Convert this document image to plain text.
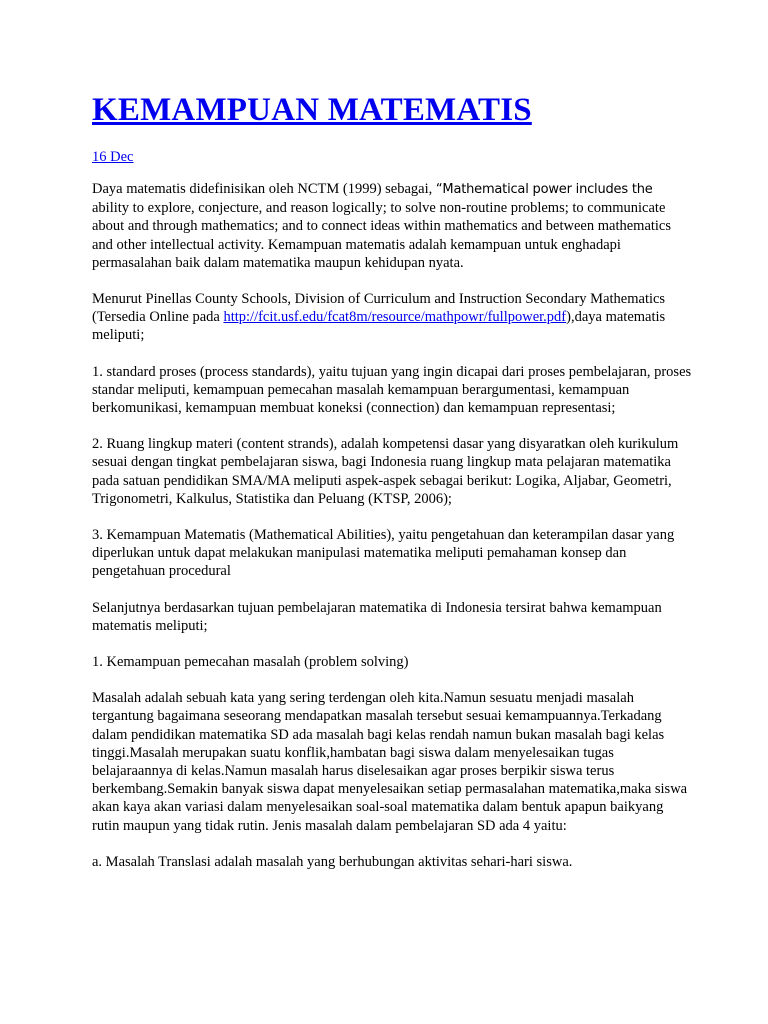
KEMAMPUAN MATEMATIS
16 Dec

Daya matematis didefinisikan oleh NCTM (1999) sebagai, “Mathematical power includes the ability to explore, conjecture, and reason logically; to solve non-routine problems; to communicate about and through mathematics; and to connect ideas within mathematics and between mathematics and other intellectual activity. Kemampuan matematis adalah kemampuan untuk enghadapi permasalahan baik dalam matematika maupun kehidupan nyata.

Menurut Pinellas County Schools, Division of Curriculum and Instruction Secondary Mathematics (Tersedia Online pada http://fcit.usf.edu/fcat8m/resource/mathpowr/fullpower.pdf),daya matematis meliputi;

1. standard proses (process standards), yaitu tujuan yang ingin dicapai dari proses pembelajaran, proses standar meliputi, kemampuan pemecahan masalah kemampuan berargumentasi, kemampuan berkomunikasi, kemampuan membuat koneksi (connection) dan kemampuan representasi;

2. Ruang lingkup materi (content strands), adalah kompetensi dasar yang disyaratkan oleh kurikulum sesuai dengan tingkat pembelajaran siswa, bagi Indonesia ruang lingkup mata pelajaran matematika pada satuan pendidikan SMA/MA meliputi aspek-aspek sebagai berikut: Logika, Aljabar, Geometri, Trigonometri, Kalkulus, Statistika dan Peluang (KTSP, 2006);

3. Kemampuan Matematis (Mathematical Abilities), yaitu pengetahuan dan keterampilan dasar yang diperlukan untuk dapat melakukan manipulasi matematika meliputi pemahaman konsep dan pengetahuan procedural

Selanjutnya berdasarkan tujuan pembelajaran matematika di Indonesia tersirat bahwa kemampuan matematis meliputi;

1. Kemampuan pemecahan masalah (problem solving)

Masalah adalah sebuah kata yang sering terdengan oleh kita.Namun sesuatu menjadi masalah tergantung bagaimana seseorang mendapatkan masalah tersebut sesuai kemampuannya.Terkadang dalam pendidikan matematika SD ada masalah bagi kelas rendah namun bukan masalah bagi kelas tinggi.Masalah merupakan suatu konflik,hambatan bagi siswa dalam menyelesaikan tugas belajaraannya di kelas.Namun masalah harus diselesaikan agar proses berpikir siswa terus berkembang.Semakin banyak siswa dapat menyelesaikan setiap permasalahan matematika,maka siswa akan kaya akan variasi dalam menyelesaikan soal-soal matematika dalam bentuk apapun baikyang rutin maupun yang tidak rutin. Jenis masalah dalam pembelajaran SD ada 4 yaitu:

a. Masalah Translasi adalah masalah yang berhubungan aktivitas sehari-hari siswa.
